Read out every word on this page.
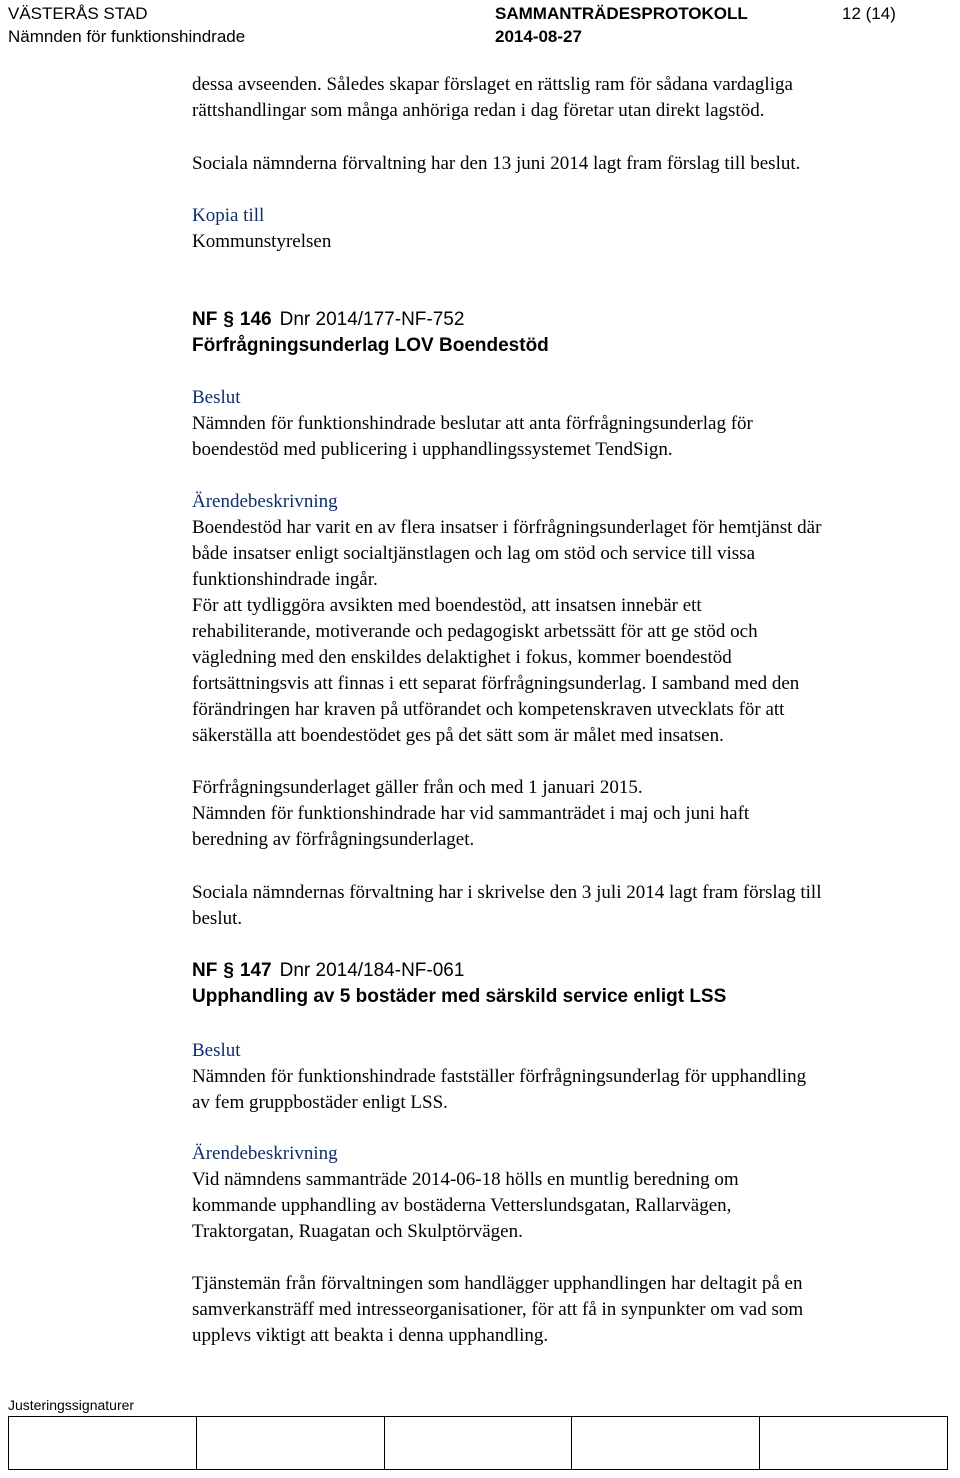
VÄSTERÅS STAD
Nämnden för funktionshindrade
SAMMANTRÄDESPROTOKOLL
2014-08-27
12 (14)
dessa avseenden. Således skapar förslaget en rättslig ram för sådana vardagliga
rättshandlingar som många anhöriga redan i dag företar utan direkt lagstöd.
Sociala nämnderna förvaltning har den 13 juni 2014 lagt fram förslag till beslut.
Kopia till
Kommunstyrelsen
NF § 146 Dnr 2014/177-NF-752
Förfrågningsunderlag LOV Boendestöd
Beslut
Nämnden för funktionshindrade beslutar att anta förfrågningsunderlag för
boendestöd med publicering i upphandlingssystemet TendSign.
Ärendebeskrivning
Boendestöd har varit en av flera insatser i förfrågningsunderlaget för hemtjänst där
både insatser enligt socialtjänstlagen och lag om stöd och service till vissa
funktionshindrade ingår.
För att tydliggöra avsikten med boendestöd, att insatsen innebär ett
rehabiliterande, motiverande och pedagogiskt arbetssätt för att ge stöd och
vägledning med den enskildes delaktighet i fokus, kommer boendestöd
fortsättningsvis att finnas i ett separat förfrågningsunderlag. I samband med den
förändringen har kraven på utförandet och kompetenskraven utvecklats för att
säkerställa att boendestödet ges på det sätt som är målet med insatsen.
Förfrågningsunderlaget gäller från och med 1 januari 2015.
Nämnden för funktionshindrade har vid sammanträdet i maj och juni haft
beredning av förfrågningsunderlaget.
Sociala nämndernas förvaltning har i skrivelse den 3 juli 2014 lagt fram förslag till
beslut.
NF § 147 Dnr 2014/184-NF-061
Upphandling av 5 bostäder med särskild service enligt LSS
Beslut
Nämnden för funktionshindrade fastställer förfrågningsunderlag för upphandling
av fem gruppbostäder enligt LSS.
Ärendebeskrivning
Vid nämndens sammanträde 2014-06-18 hölls en muntlig beredning om
kommande upphandling av bostäderna Vetterslundsgatan, Rallarvägen,
Traktorgatan, Ruagatan och Skulptörvägen.
Tjänstemän från förvaltningen som handlägger upphandlingen har deltagit på en
samverkansträff med intresseorganisationer, för att få in synpunkter om vad som
upplevs viktigt att beakta i denna upphandling.
Justeringssignaturer
